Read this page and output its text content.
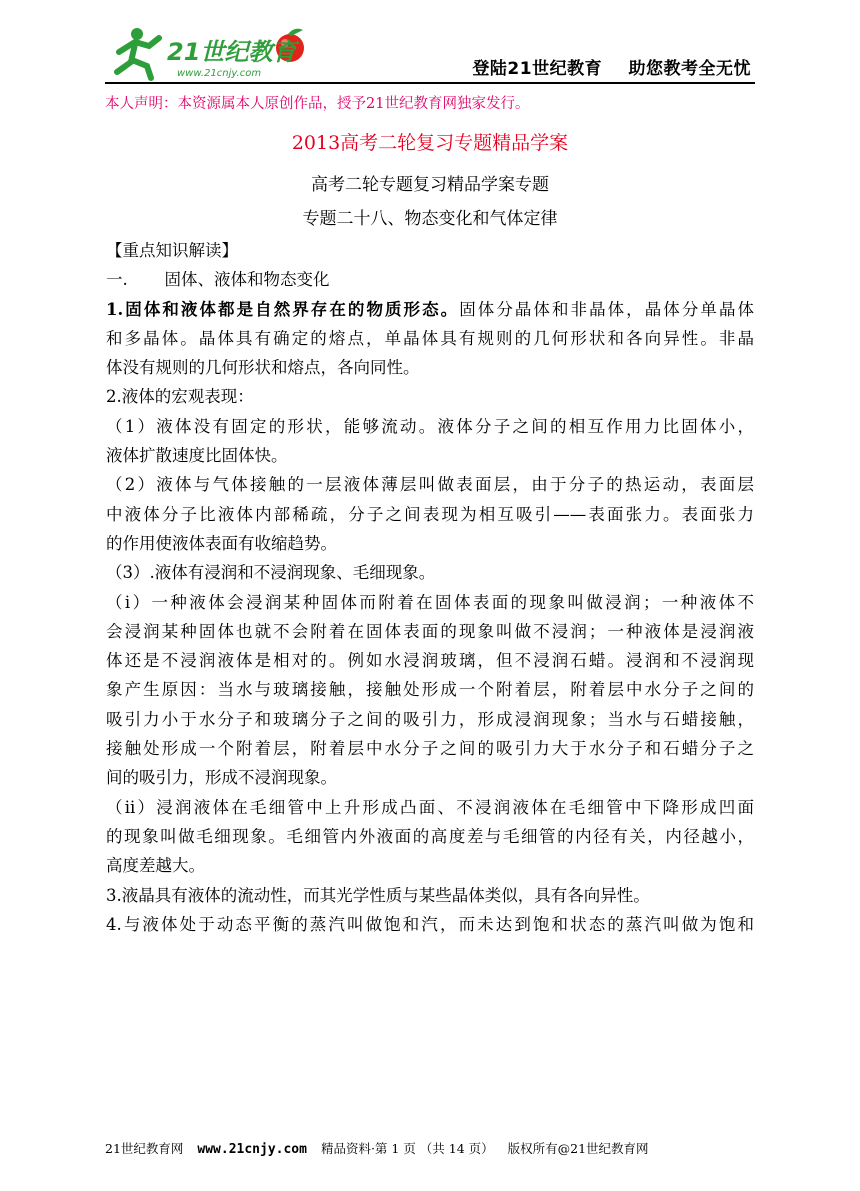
21世纪教育
www.21cnjy.com	登陆21世纪教育 助您教考全无忧
本人声明：本资源属本人原创作品，授予21世纪教育网独家发行。
2013高考二轮复习专题精品学案
高考二轮专题复习精品学案专题
专题二十八、物态变化和气体定律
【重点知识解读】
一.       固体、液体和物态变化
1.固体和液体都是自然界存在的物质形态。固体分晶体和非晶体，晶体分单晶体
和多晶体。晶体具有确定的熔点，单晶体具有规则的几何形状和各向异性。非晶
体没有规则的几何形状和熔点，各向同性。
2.液体的宏观表现：
（1）液体没有固定的形状，能够流动。液体分子之间的相互作用力比固体小，
液体扩散速度比固体快。
（2）液体与气体接触的一层液体薄层叫做表面层，由于分子的热运动，表面层
中液体分子比液体内部稀疏，分子之间表现为相互吸引——表面张力。表面张力
的作用使液体表面有收缩趋势。
（3）.液体有浸润和不浸润现象、毛细现象。
（i）一种液体会浸润某种固体而附着在固体表面的现象叫做浸润；一种液体不
会浸润某种固体也就不会附着在固体表面的现象叫做不浸润；一种液体是浸润液
体还是不浸润液体是相对的。例如水浸润玻璃，但不浸润石蜡。浸润和不浸润现
象产生原因：当水与玻璃接触，接触处形成一个附着层，附着层中水分子之间的
吸引力小于水分子和玻璃分子之间的吸引力，形成浸润现象；当水与石蜡接触，
接触处形成一个附着层，附着层中水分子之间的吸引力大于水分子和石蜡分子之
间的吸引力，形成不浸润现象。
（ii）浸润液体在毛细管中上升形成凸面、不浸润液体在毛细管中下降形成凹面
的现象叫做毛细现象。毛细管内外液面的高度差与毛细管的内径有关，内径越小，
高度差越大。
3.液晶具有液体的流动性，而其光学性质与某些晶体类似，具有各向异性。
4.与液体处于动态平衡的蒸汽叫做饱和汽，而未达到饱和状态的蒸汽叫做为饱和
21世纪教育网 www.21cnjy.com 精品资料·第 1 页 （共 14 页） 版权所有@21世纪教育网
